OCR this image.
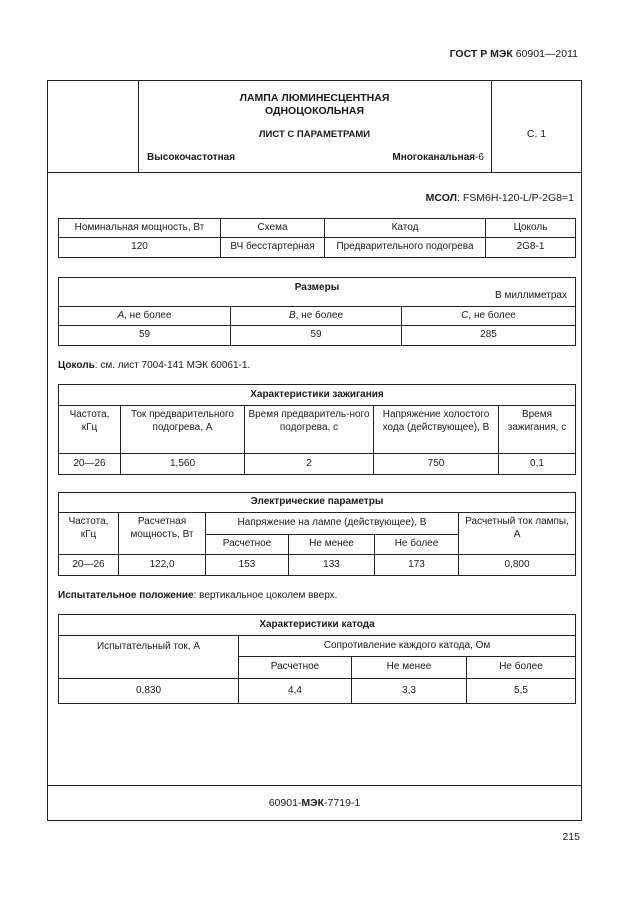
ГОСТ Р МЭК 60901—2011
ЛАМПА ЛЮМИНЕСЦЕНТНАЯ
ОДНОЦОКОЛЬНАЯ
ЛИСТ С ПАРАМЕТРАМИ
Высокочастотная	Многоканальная-6
С. 1
МСОЛ: FSM6H-120-L/P-2G8=1
Номинальная мощность, Вт	Схема	Катод	Цоколь
120	ВЧ бесстартерная	Предварительного подогрева	2G8-1
Размеры
В миллиметрах		

А, не более	В, не более	С, не более
59	59	285
Цоколь: см. лист 7004-141 МЭК 60061-1.
Характеристики зажигания				
Частота, кГц	Ток предварительного подогрева, А	Время предваритель-ного подогрева, с	Напряжение холостого хода (действующее), В	Время зажигания, с
20—26	1,560	2	750	0,1
Электрические параметры					
Частота, кГц	Расчетная мощность, Вт	Напряжение на лампе (действующее), В			Расчетный ток лампы, А
		Расчетное	Не менее	Не более	
20—26	122,0	153	133	173	0,800
Испытательное положение: вертикальное цоколем вверх.
Характеристики катода			
Испытательный ток, А	Сопротивление каждого катода, Ом		
	Расчетное	Не менее	Не более
0,830	4,4	3,3	5,5
60901-МЭК-7719-1
215
